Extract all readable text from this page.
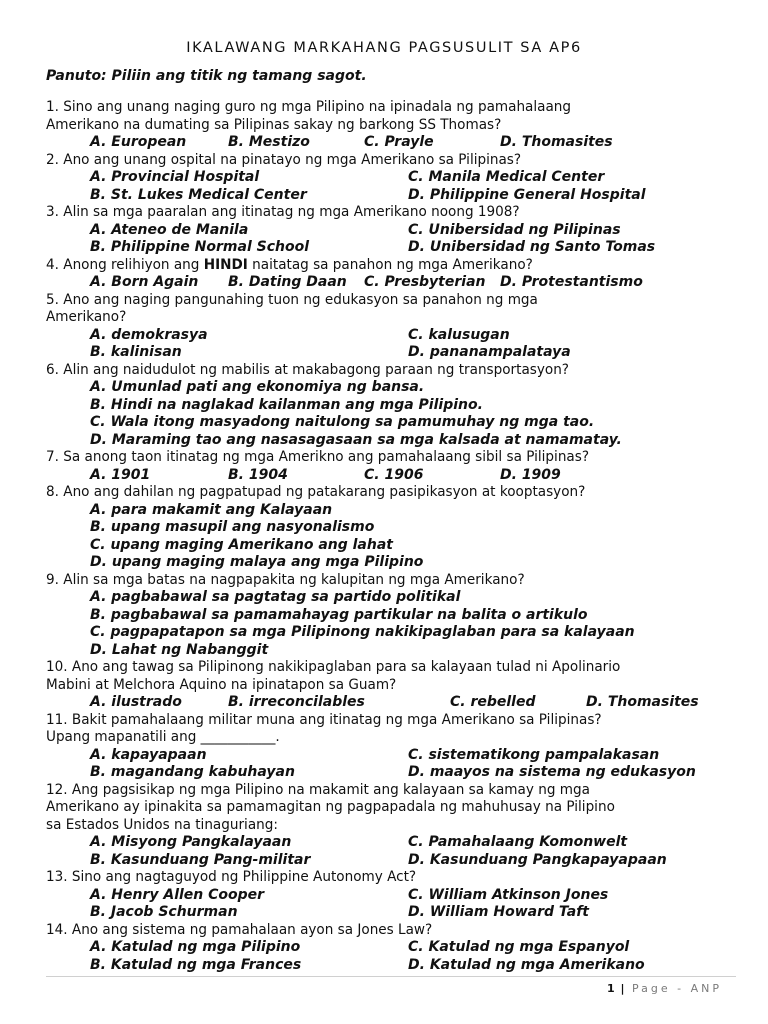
IKALAWANG MARKAHANG PAGSUSULIT SA AP6
Panuto: Piliin ang titik ng tamang sagot.
1. Sino ang unang naging guro ng mga Pilipino na ipinadala ng pamahalaang
Amerikano na dumating sa Pilipinas sakay ng barkong SS Thomas?
A. European	B. Mestizo	C. Prayle	D. Thomasites
2. Ano ang unang ospital na pinatayo ng mga Amerikano sa Pilipinas?
A. Provincial Hospital	C. Manila Medical Center
B. St. Lukes Medical Center	D. Philippine General Hospital
3. Alin sa mga paaralan ang itinatag ng mga Amerikano noong 1908?
A. Ateneo de Manila	C. Unibersidad ng Pilipinas
B. Philippine Normal School	D. Unibersidad ng Santo Tomas
4. Anong relihiyon ang HINDI naitatag sa panahon ng mga Amerikano?
A. Born Again	B. Dating Daan	C. Presbyterian	D. Protestantismo
5. Ano ang naging pangunahing tuon ng edukasyon sa panahon ng mga
Amerikano?
A. demokrasya	C. kalusugan
B. kalinisan	D. pananampalataya
6. Alin ang naidudulot ng mabilis at makabagong paraan ng transportasyon?
A. Umunlad pati ang ekonomiya ng bansa.
B. Hindi na naglakad kailanman ang mga Pilipino.
C. Wala itong masyadong naitulong sa pamumuhay ng mga tao.
D. Maraming tao ang nasasagasaan sa mga kalsada at namamatay.
7. Sa anong taon itinatag ng mga Amerikno ang pamahalaang sibil sa Pilipinas?
A. 1901	B. 1904	C. 1906	D. 1909
8. Ano ang dahilan ng pagpatupad ng patakarang pasipikasyon at kooptasyon?
A. para makamit ang Kalayaan
B. upang masupil ang nasyonalismo
C. upang maging Amerikano ang lahat
D. upang maging malaya ang mga Pilipino
9. Alin sa mga batas na nagpapakita ng kalupitan ng mga Amerikano?
A. pagbabawal sa pagtatag sa partido politikal
B. pagbabawal sa pamamahayag partikular na balita o artikulo
C. pagpapatapon sa mga Pilipinong nakikipaglaban para sa kalayaan
D. Lahat ng Nabanggit
10. Ano ang tawag sa Pilipinong nakikipaglaban para sa kalayaan tulad ni Apolinario
Mabini at Melchora Aquino na ipinatapon sa Guam?
A. ilustrado	B. irreconcilables	C. rebelled	D. Thomasites
11. Bakit pamahalaang militar muna ang itinatag ng mga Amerikano sa Pilipinas?
Upang mapanatili ang ___________.
A. kapayapaan	C. sistematikong pampalakasan
B. magandang kabuhayan	D. maayos na sistema ng edukasyon
12. Ang pagsisikap ng mga Pilipino na makamit ang kalayaan sa kamay ng mga
Amerikano ay ipinakita sa pamamagitan ng pagpapadala ng mahuhusay na Pilipino
sa Estados Unidos na tinaguriang:
A. Misyong Pangkalayaan	C. Pamahalaang Komonwelt
B. Kasunduang Pang-militar	D. Kasunduang Pangkapayapaan
13. Sino ang nagtaguyod ng Philippine Autonomy Act?
A. Henry Allen Cooper	C. William Atkinson Jones
B. Jacob Schurman	D. William Howard Taft
14. Ano ang sistema ng pamahalaan ayon sa Jones Law?
A. Katulad ng mga Pilipino	C. Katulad ng mga Espanyol
B. Katulad ng mga Frances	D. Katulad ng mga Amerikano
1 | Page - ANP
